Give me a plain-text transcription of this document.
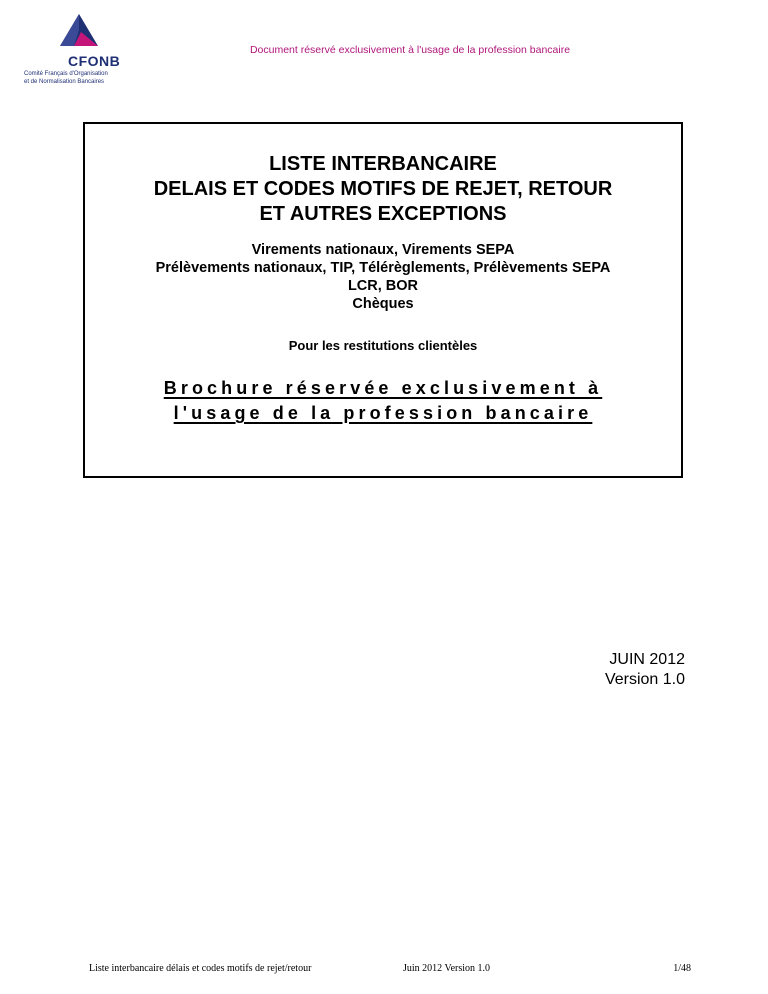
CFONB
Comité Français d'Organisation
et de Normalisation Bancaires
Document réservé exclusivement à l'usage de la profession bancaire
LISTE INTERBANCAIRE
DELAIS ET CODES MOTIFS DE REJET, RETOUR
ET AUTRES EXCEPTIONS
Virements nationaux, Virements SEPA
Prélèvements nationaux, TIP, Télérèglements, Prélèvements SEPA
LCR, BOR
Chèques
Pour les restitutions clientèles
Brochure réservée exclusivement à
l'usage de la profession bancaire
JUIN 2012
Version 1.0
Liste interbancaire délais et codes motifs de rejet/retour	Juin 2012 Version 1.0	1/48
